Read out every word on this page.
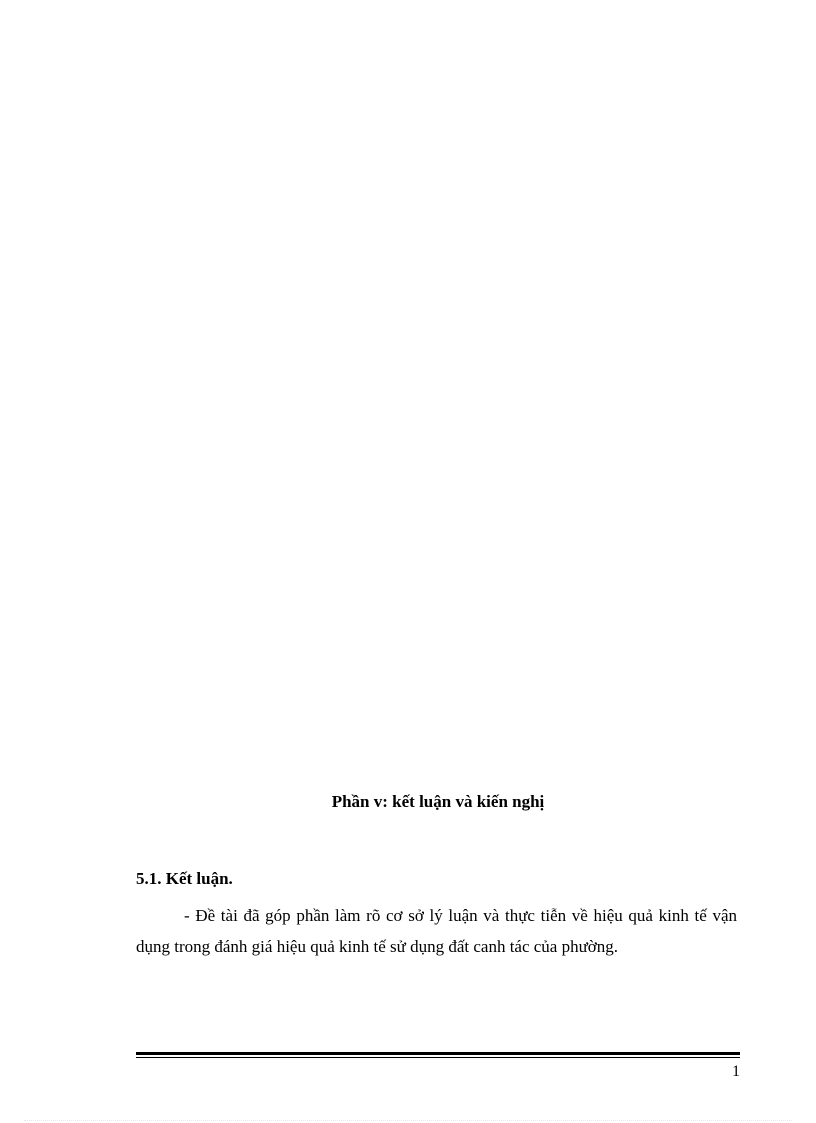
Phần v: kết luận và kiến nghị
5.1. Kết luận.

- Đề tài đã góp phần làm rõ cơ sở lý luận và thực tiễn về hiệu quả kinh tế vận dụng trong đánh giá hiệu quả kinh tế sử dụng đất canh tác của phường.

1
